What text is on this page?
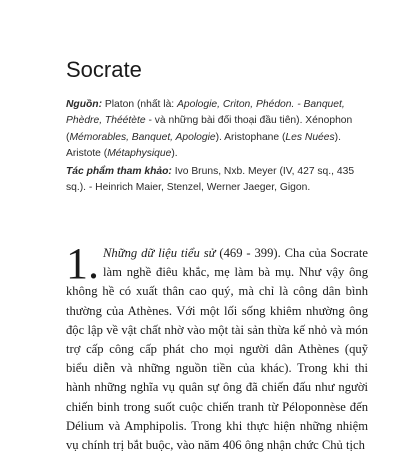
Socrate

Nguồn: Platon (nhất là: Apologie, Criton, Phédon. - Banquet, Phèdre, Théétète - và những bài đối thoại đầu tiên). Xénophon (Mémorables, Banquet, Apologie). Aristophane (Les Nuées). Aristote (Métaphysique).

Tác phẩm tham khảo: Ivo Bruns, Nxb. Meyer (IV, 427 sq., 435 sq.). - Heinrich Maier, Stenzel, Werner Jaeger, Gigon.

1. Những dữ liệu tiểu sử (469 - 399). Cha của Socrate
làm nghề điêu khắc, mẹ làm bà mụ. Như vậy ông
không hề có xuất thân cao quý, mà chỉ là công dân bình
thường của Athènes. Với một lối sống khiêm nhường ông
độc lập về vật chất nhờ vào một tài sản thừa kế nhỏ và món
trợ cấp công cấp phát cho mọi người dân Athènes (quỹ
biểu diễn và những nguồn tiền của khác). Trong khi thi
hành những nghĩa vụ quân sự ông đã chiến đấu như người
chiến binh trong suốt cuộc chiến tranh từ Péloponnèse đến
Délium và Amphipolis. Trong khi thực hiện những nhiệm
vụ chính trị bắt buộc, vào năm 406 ông nhận chức Chủ tịch
